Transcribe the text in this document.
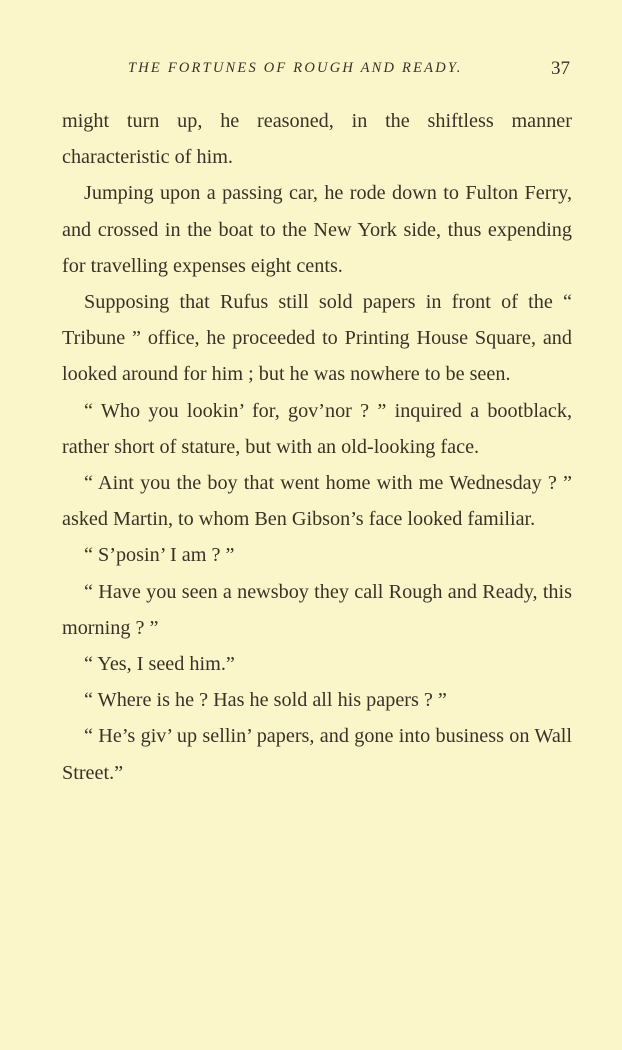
THE FORTUNES OF ROUGH AND READY.	37

might turn up, he reasoned, in the shiftless manner characteristic of him.

Jumping upon a passing car, he rode down to Fulton Ferry, and crossed in the boat to the New York side, thus expending for travelling expenses eight cents.

Supposing that Rufus still sold papers in front of the “ Tribune ” office, he proceeded to Printing House Square, and looked around for him ; but he was nowhere to be seen.

“ Who you lookin’ for, gov’nor ? ” inquired a bootblack, rather short of stature, but with an old-looking face.

“ Aint you the boy that went home with me Wednesday ? ” asked Martin, to whom Ben Gibson’s face looked familiar.

“ S’posin’ I am ? ”

“ Have you seen a newsboy they call Rough and Ready, this morning ? ”

“ Yes, I seed him.”

“ Where is he ? Has he sold all his papers ? ”

“ He’s giv’ up sellin’ papers, and gone into business on Wall Street.”
